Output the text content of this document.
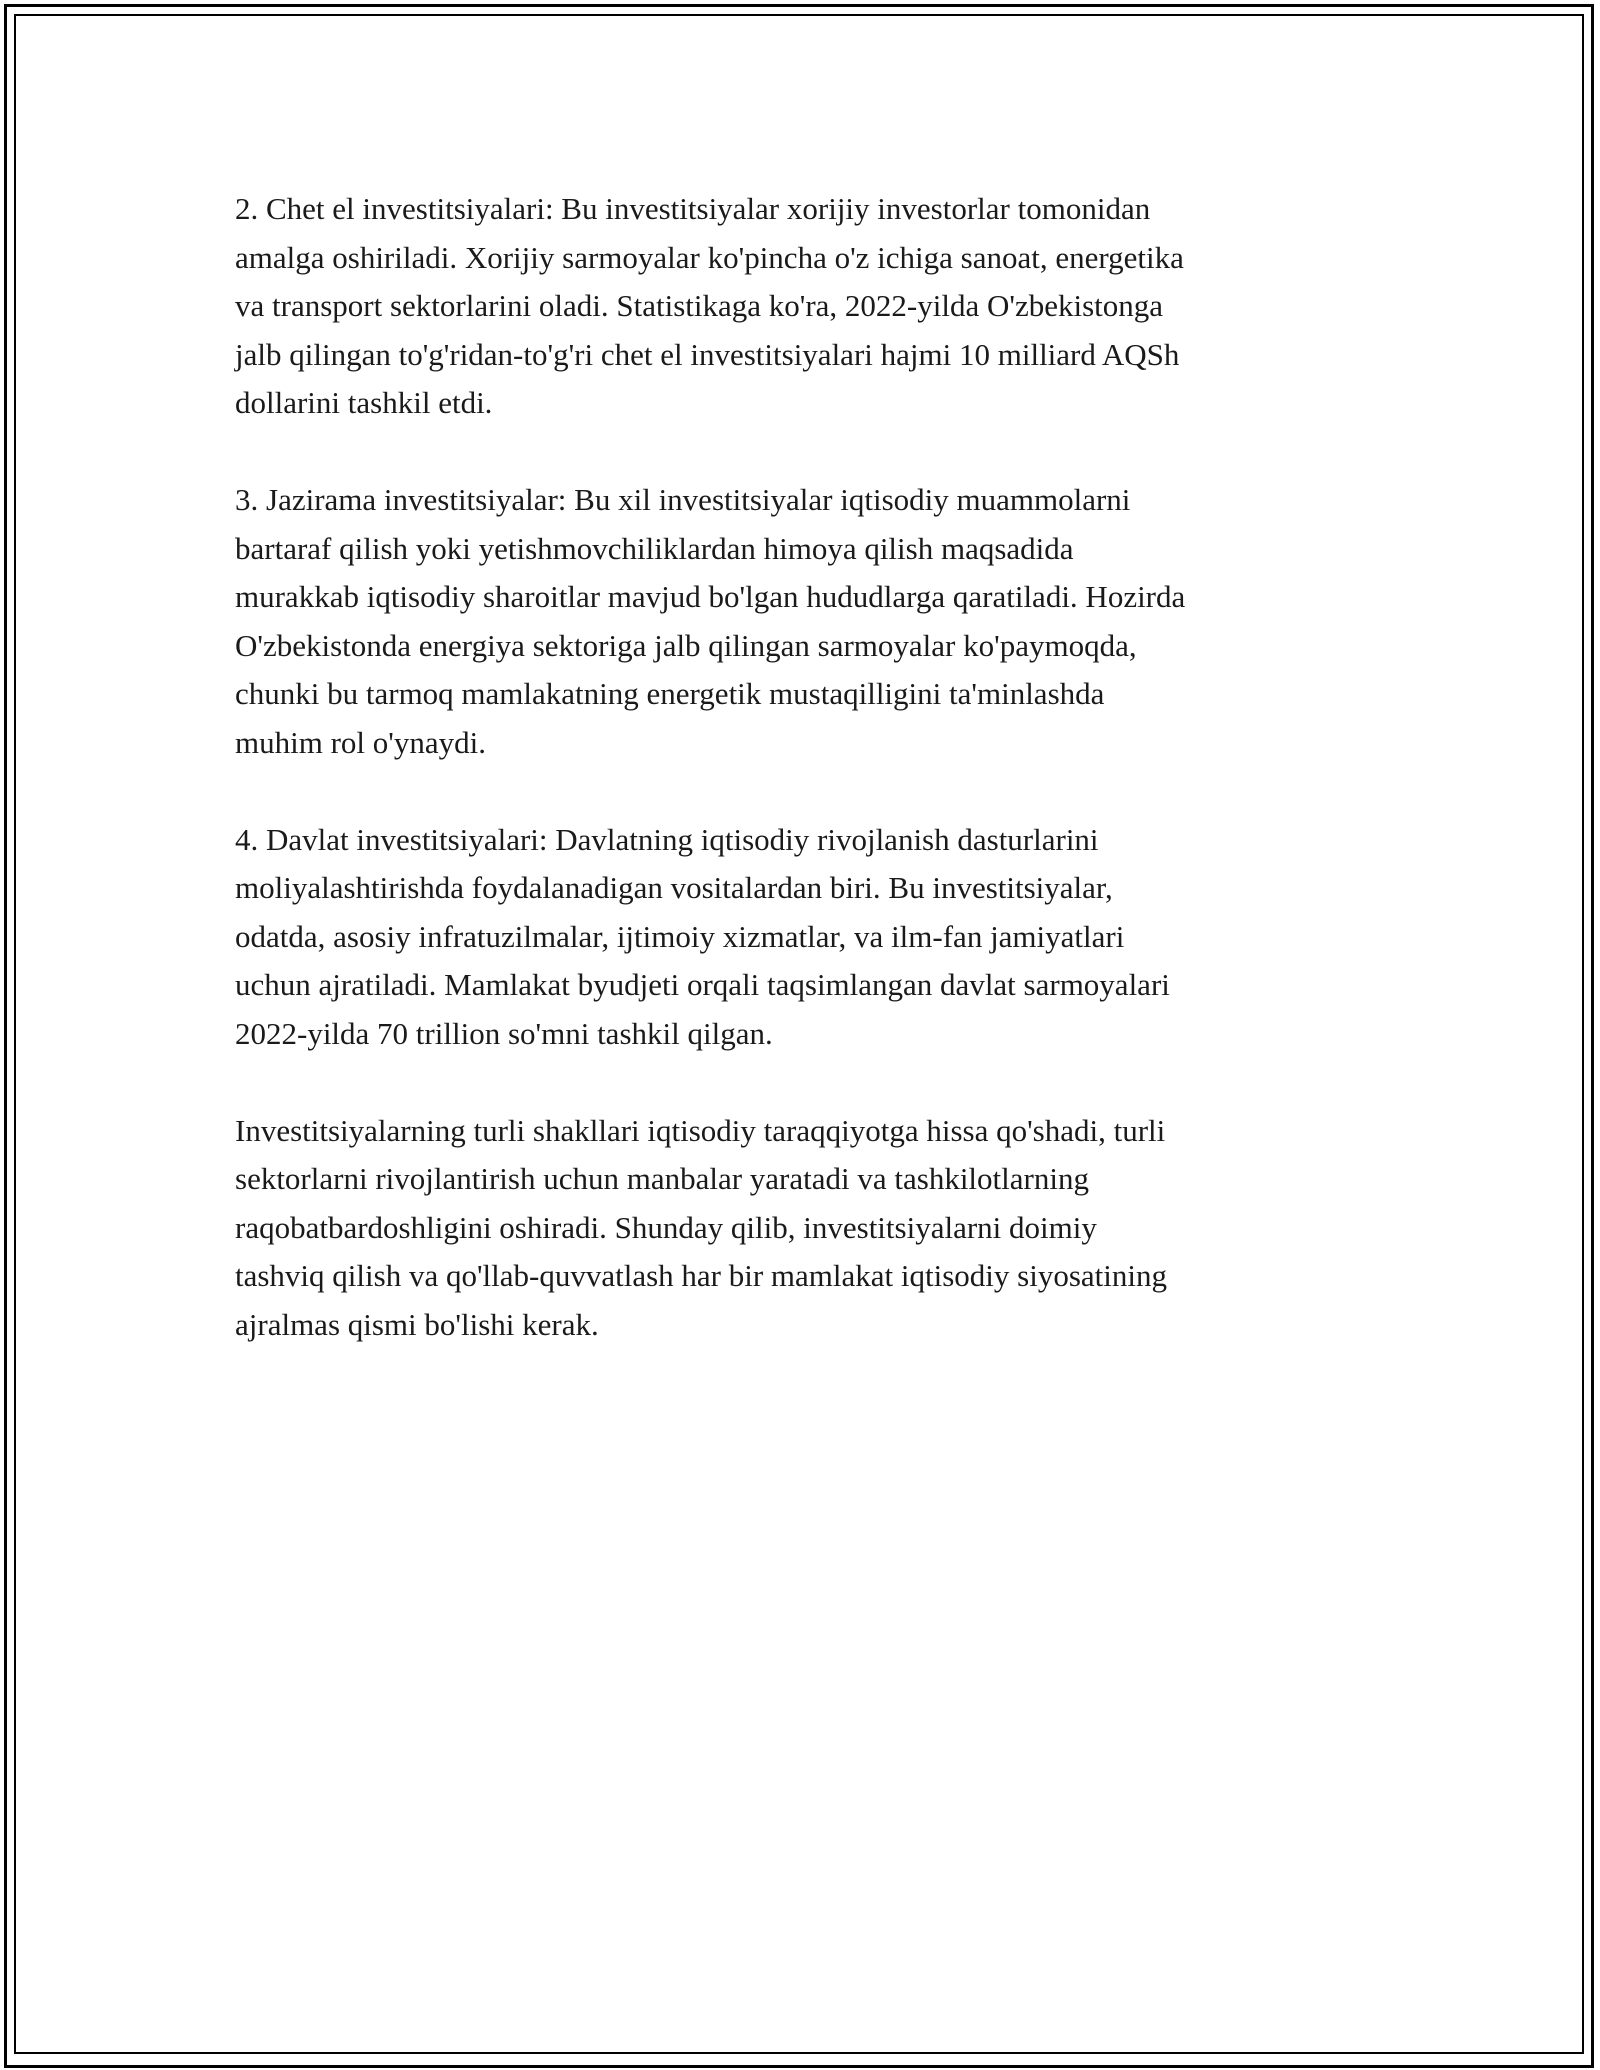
2. Chet el investitsiyalari: Bu investitsiyalar xorijiy investorlar tomonidan
amalga oshiriladi. Xorijiy sarmoyalar ko'pincha o'z ichiga sanoat, energetika
va transport sektorlarini oladi. Statistikaga ko'ra, 2022-yilda O'zbekistonga
jalb qilingan to'g'ridan-to'g'ri chet el investitsiyalari hajmi 10 milliard AQSh
dollarini tashkil etdi.

3. Jazirama investitsiyalar: Bu xil investitsiyalar iqtisodiy muammolarni
bartaraf qilish yoki yetishmovchiliklardan himoya qilish maqsadida
murakkab iqtisodiy sharoitlar mavjud bo'lgan hududlarga qaratiladi. Hozirda
O'zbekistonda energiya sektoriga jalb qilingan sarmoyalar ko'paymoqda,
chunki bu tarmoq mamlakatning energetik mustaqilligini ta'minlashda
muhim rol o'ynaydi.

4. Davlat investitsiyalari: Davlatning iqtisodiy rivojlanish dasturlarini
moliyalashtirishda foydalanadigan vositalardan biri. Bu investitsiyalar,
odatda, asosiy infratuzilmalar, ijtimoiy xizmatlar, va ilm-fan jamiyatlari
uchun ajratiladi. Mamlakat byudjeti orqali taqsimlangan davlat sarmoyalari
2022-yilda 70 trillion so'mni tashkil qilgan.

Investitsiyalarning turli shakllari iqtisodiy taraqqiyotga hissa qo'shadi, turli
sektorlarni rivojlantirish uchun manbalar yaratadi va tashkilotlarning
raqobatbardoshligini oshiradi. Shunday qilib, investitsiyalarni doimiy
tashviq qilish va qo'llab-quvvatlash har bir mamlakat iqtisodiy siyosatining
ajralmas qismi bo'lishi kerak.
